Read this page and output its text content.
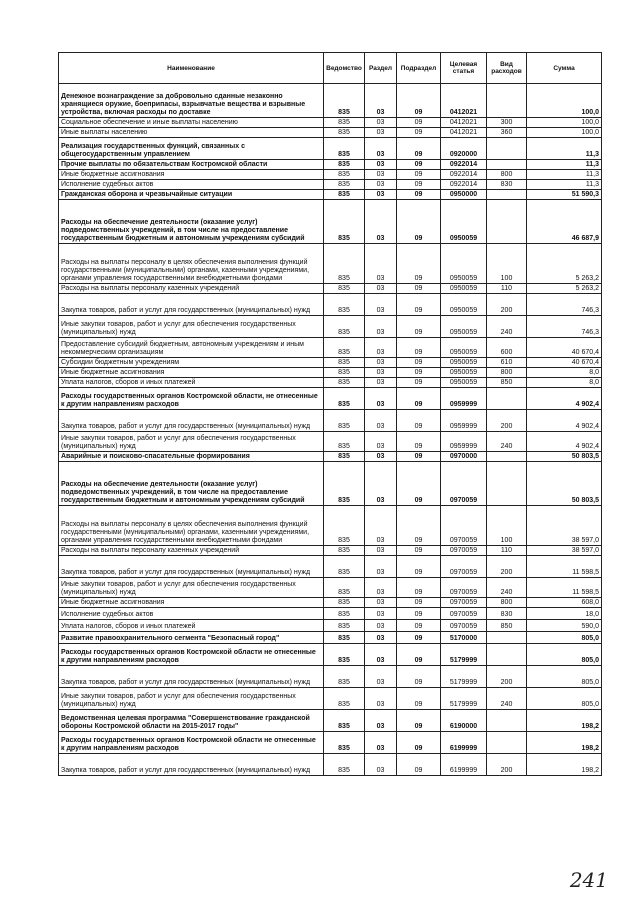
Наименование	Ведомство	Раздел	Подраздел	Целевая статья	Вид расходов	Сумма
Денежное вознаграждение за добровольно сданные незаконно хранящиеся оружие, боеприпасы, взрывчатые вещества и взрывные устройства, включая расходы по доставке	835	03	09	0412021		100,0
Социальное обеспечение и иные выплаты населению	835	03	09	0412021	300	100,0
Иные выплаты населению	835	03	09	0412021	360	100,0
Реализация государственных функций, связанных с общегосударственным управлением	835	03	09	0920000		11,3
Прочие выплаты по обязательствам Костромской области	835	03	09	0922014		11,3
Иные бюджетные ассигнования	835	03	09	0922014	800	11,3
Исполнение судебных актов	835	03	09	0922014	830	11,3
Гражданская оборона и чрезвычайные ситуации	835	03	09	0950000		51 590,3
Расходы на обеспечение деятельности (оказание услуг) подведомственных учреждений, в том числе на предоставление государственным бюджетным и автономным учреждениям субсидий	835	03	09	0950059		46 687,9
Расходы на выплаты персоналу в целях обеспечения выполнения функций государственными (муниципальными) органами, казенными учреждениями, органами управления государственными внебюджетными фондами	835	03	09	0950059	100	5 263,2
Расходы на выплаты персоналу казенных учреждений	835	03	09	0950059	110	5 263,2
Закупка товаров, работ и услуг для государственных (муниципальных) нужд	835	03	09	0950059	200	746,3
Иные закупки товаров, работ и услуг для обеспечения государственных (муниципальных) нужд	835	03	09	0950059	240	746,3
Предоставление субсидий бюджетным, автономным учреждениям и иным некоммерческим организациям	835	03	09	0950059	600	40 670,4
Субсидии бюджетным учреждениям	835	03	09	0950059	610	40 670,4
Иные бюджетные ассигнования	835	03	09	0950059	800	8,0
Уплата налогов, сборов и иных платежей	835	03	09	0950059	850	8,0
Расходы государственных органов Костромской области, не отнесенные к другим направлениям расходов	835	03	09	0959999		4 902,4
Закупка товаров, работ и услуг для государственных (муниципальных) нужд	835	03	09	0959999	200	4 902,4
Иные закупки товаров, работ и услуг для обеспечения государственных (муниципальных) нужд	835	03	09	0959999	240	4 902,4
Аварийные и поисково-спасательные формирования	835	03	09	0970000		50 803,5
Расходы на обеспечение деятельности (оказание услуг) подведомственных учреждений, в том числе на предоставление государственным бюджетным и автономным учреждениям субсидий	835	03	09	0970059		50 803,5
Расходы на выплаты персоналу в целях обеспечения выполнения функций государственными (муниципальными) органами, казенными учреждениями, органами управления государственными внебюджетными фондами	835	03	09	0970059	100	38 597,0
Расходы на выплаты персоналу казенных учреждений	835	03	09	0970059	110	38 597,0
Закупка товаров, работ и услуг для государственных (муниципальных) нужд	835	03	09	0970059	200	11 598,5
Иные закупки товаров, работ и услуг для обеспечения государственных (муниципальных) нужд	835	03	09	0970059	240	11 598,5
Иные бюджетные ассигнования	835	03	09	0970059	800	608,0
Исполнение судебных актов	835	03	09	0970059	830	18,0
Уплата налогов, сборов и иных платежей	835	03	09	0970059	850	590,0
Развитие правоохранительного сегмента "Безопасный город"	835	03	09	5170000		805,0
Расходы государственных органов Костромской области не отнесенные к другим направлениям расходов	835	03	09	5179999		805,0
Закупка товаров, работ и услуг для государственных (муниципальных) нужд	835	03	09	5179999	200	805,0
Иные закупки товаров, работ и услуг для обеспечения государственных (муниципальных) нужд	835	03	09	5179999	240	805,0
Ведомственная целевая программа "Совершенствование гражданской обороны Костромской области на 2015-2017 годы"	835	03	09	6190000		198,2
Расходы государственных органов Костромской области не отнесенные к другим направлениям расходов	835	03	09	6199999		198,2
Закупка товаров, работ и услуг для государственных (муниципальных) нужд	835	03	09	6199999	200	198,2
241
